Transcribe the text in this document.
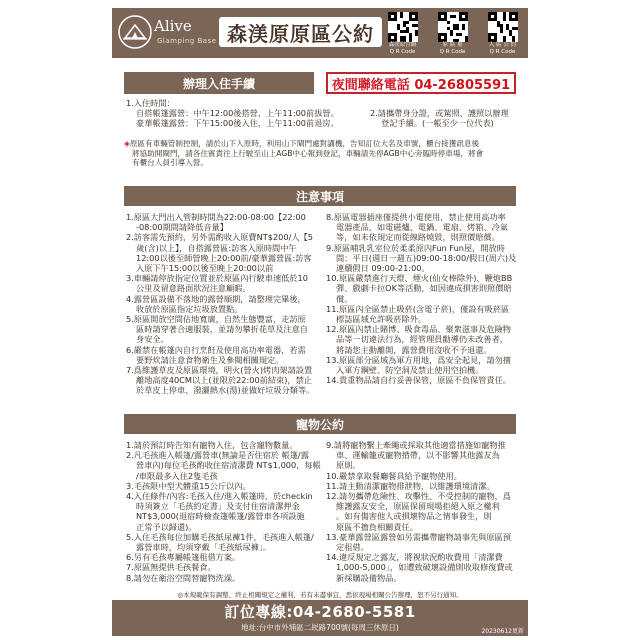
Alive
Glamping Base 森渼原原區公約	森渼原官網
Q R Code
原 區 量
Q R Code
入 區 公 約
Q R Code
辦理入住手續	夜間聯絡電話 04-26805591
1.入住時間：
自搭帳篷露營：中午12:00後搭營，上午11:00前拔營。
豪華帳篷露營：下午15:00後入住，上午11:00前退房。
2.請攜帶身分證，或駕照、護照以辦理
登記手續。(一帳至少一位代表)
◈原區有車輛管制控制，請於山下入原時，利用山下閘門處對講機，告知訂位大名及車號，櫃台接獲訊息後
將協助開閘門，請各住賓責往上行駛至山上AGB中心報到登記，車輛請先停AGB中心旁臨時停車場，將會
有櫃台人員引導入營。
注意事項
1.原區大門出入管制時間為22:00-08:00【22:00
-08:00期間請降低音量】
2.訪客需先預約，另外需酌收入原費NT$200/人【5
歲(含)以上】，自搭露營區:訪客入原時間中午
12:00以後至師營晚上20:00前/豪華露營區:訪客
入原下午15:00以後至晚上20:00以前
3.車輛請停放指定位置並於原區內行駛車速低於10
公里及留意路面狀況注意顧暇。
4.露營區設備不落地的露營順期，請整理完畢後，
收放於原區指定垃圾放置點。
5.原區開放空間佔地寬廣，自然生態豐富，走訪原
區時請穿著合適服裝，並請勿攀折花草及注意自
身安全。
6.嚴禁在帳篷內自行烹飪及使用高功率電器，若需
要野炊請注意食物衛生及參閱相關規定。
7.爲維護草皮及原區環境，明火(營火)烤肉架請設置
離地高度40CM以上(並限於22:00前結束)，禁止
於草皮上停車、潑灑熱水(湯)並做好垃圾分類等。
8.原區電器插座僅提供小電使用，禁止使用高功率
電器產品，如電磁爐、電鍋、電扇、烤箱、冷氣
等，如未依規定而從線路燒毀，則照價賠償。
9.原區哺乳乳室位於柔柔原內Fun Fun屋，開放時
間：平日(週日一週五)09:00-18:00/假日(周六)及
連續假日 09:00-21:00。
10.原區嚴禁進行天燈、煙火(仙女棒除外)、鞭炮BB
彈、戲劇卡拉OK等活動，如因違成損害則照價賠
償。
11.原區內全區禁止吸菸(含電子菸)，僅設有吸菸區
標誌區域允許吸菸除外。
12.原區內禁止賭博、吸食毒品、聚衆滋事及危險物
品等一切違法行為，經管理員勸導仍未改善者，
將請您主動離開，露營費用沒收不予退還。
13.原區部分區域為軍方用地，爲安全起見，請勿擅
入軍方鋼壁、防空洞及禁止使用空拍機。
14.貴重物品請自行妥善保管，原區不負保管責任。
寵物公約
1.請於預訂時告知有寵物入住，包含寵物數量。
2.凡毛孩進入帳篷/露營車(無論是否住宿於 帳篷/露
營車內)每位毛孩酌收住宿清潔費 NT$1,000，每帳
/車限最多入住2隻毛孩
3.毛孩限中型犬體重15公斤以內。
4.入住條件/內容:毛孩入住/進入帳篷時，於checkin
時須簽立「毛孩約定書」及支付住宿清潔押金
NT$3,000(退宿時檢查篷帳篷/露營車各項設施
正常予以歸還)。
5.入住毛孩每位加購毛孩紙尿褲1件，毛孩進入帳篷/
露營車時，均須穿戴「毛孩紙尿褲」。
6.另有毛孩專屬帳篷租借方案。
7.原區無提供毛孩餐食。
8.請勿在衛浴空間替寵物洗澡。
9.請將寵物繫上牽繩或採取其他適當措施如寵物推
車、運輸籠或寵物揹帶，以不影響其他露友為
原則。
10.嚴禁拿取餐廳餐具給予寵物使用。
11.請主動清潔寵物排泄物，以維護環境清潔。
12.請勿攜帶危險性、攻擊性、不受控制的寵物，爲
維護露友安全，原區保留現場拒絕入原之權利
。如有傷害他人或損壞物品之情事發生，則
原區不擔負相關責任。
13.豪華露營區露營如另需攜帶寵物請事先與原區預
定租借。
14.違反規定之露友，將視狀況酌收費用「清潔費
1,000-5,000」，如遭致破壞設備則收取修復費或
新採購設備物品。
◎本規範保有調整、終止相關規定之權利，若有未盡事宜，悉依現場相關公告辦理，恕不另行通知。
訂位專線:04-2680-5581
地址:台中市外埔區二崁路700號(每周三休原日)	20230612更新
